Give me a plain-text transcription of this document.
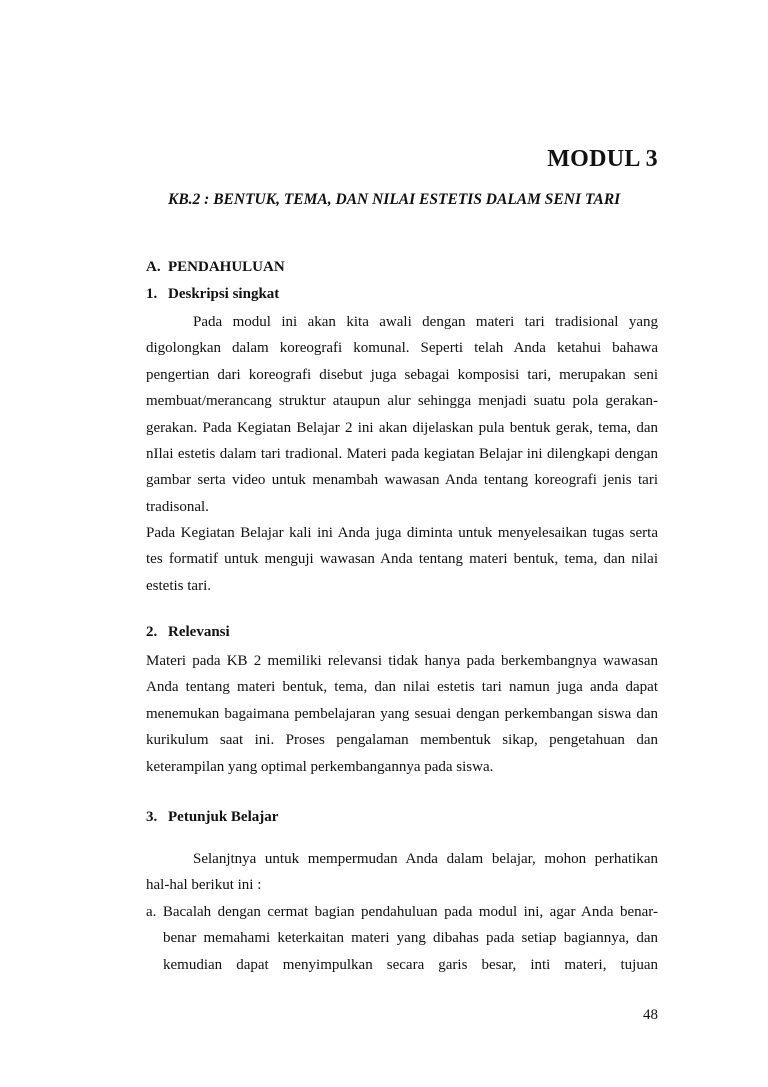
MODUL 3
KB.2 : BENTUK, TEMA, DAN NILAI ESTETIS DALAM SENI TARI
A. PENDAHULUAN
1. Deskripsi singkat
Pada modul ini akan kita awali dengan materi tari tradisional yang
digolongkan dalam koreografi komunal. Seperti telah Anda ketahui bahawa
pengertian dari koreografi disebut juga sebagai komposisi tari, merupakan seni
membuat/merancang struktur ataupun alur sehingga menjadi suatu pola gerakan-
gerakan. Pada Kegiatan Belajar 2 ini akan dijelaskan pula bentuk gerak, tema, dan
nIlai estetis dalam tari tradional. Materi pada kegiatan Belajar ini dilengkapi dengan
gambar serta video untuk menambah wawasan Anda tentang koreografi jenis tari
tradisonal.
Pada Kegiatan Belajar kali ini Anda juga diminta untuk menyelesaikan tugas serta
tes formatif untuk menguji wawasan Anda tentang materi bentuk, tema, dan nilai
estetis tari.
2. Relevansi
Materi pada KB 2 memiliki relevansi tidak hanya pada berkembangnya wawasan
Anda tentang materi bentuk, tema, dan nilai estetis tari namun juga anda dapat
menemukan bagaimana pembelajaran yang sesuai dengan perkembangan siswa dan
kurikulum saat ini. Proses pengalaman membentuk sikap, pengetahuan dan
keterampilan yang optimal perkembangannya pada siswa.
3. Petunjuk Belajar
Selanjtnya untuk mempermudan Anda dalam belajar, mohon perhatikan
hal-hal berikut ini :
a. Bacalah dengan cermat bagian pendahuluan pada modul ini, agar Anda benar-
benar memahami keterkaitan materi yang dibahas pada setiap bagiannya, dan
kemudian dapat menyimpulkan secara garis besar, inti materi, tujuan
48
